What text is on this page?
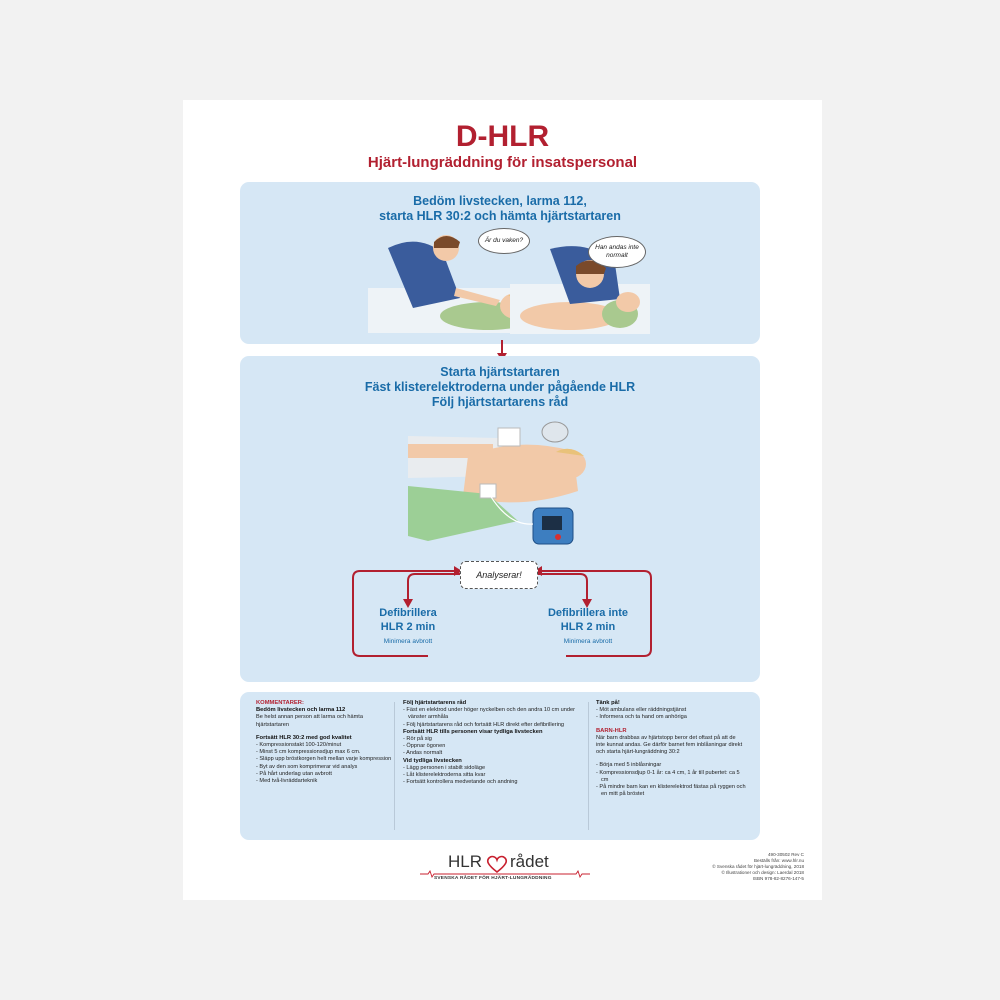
D-HLR
Hjärt-lungräddning för insatspersonal
Bedöm livstecken, larma 112,
starta HLR 30:2 och hämta hjärtstartaren
Är du vaken?
Han andas inte normalt
Starta hjärtstartaren
Fäst klisterelektroderna under pågående HLR
Följ hjärtstartarens råd
Analyserar!
Defibrillera
HLR 2 min
Minimera avbrott
Defibrillera inte
HLR 2 min
Minimera avbrott
KOMMENTARER:
Bedöm livstecken och larma 112
Be helst annan person att larma och hämta hjärtstartaren
Fortsätt HLR 30:2 med god kvalitet
- Kompressionstakt 100-120/minut
- Minst 5 cm kompressionsdjup max 6 cm.
- Släpp upp bröstkorgen helt mellan varje kompression
- Byt av den som komprimerar vid analys
- På hårt underlag utan avbrott
- Med två-livräddarteknik
Följ hjärtstartarens råd
- Fäst en elektrod under höger nyckelben och den andra 10 cm under vänster armhåla
- Följ hjärtstartarens råd och fortsätt HLR direkt efter defibrillering
Fortsätt HLR tills personen visar tydliga livstecken
- Rör på sig
- Öppnar ögonen
- Andas normalt
Vid tydliga livstecken
- Lägg personen i stabilt sidoläge
- Låt klisterelektroderna sitta kvar
- Fortsätt kontrollera medvetande och andning
Tänk på!
- Möt ambulans eller räddningstjänst
- Informera och ta hand om anhöriga
BARN-HLR
När barn drabbas av hjärtstopp beror det oftast på att de inte kunnat andas. Ge därför barnet fem inblåsningar direkt och starta hjärt-lungräddning 30:2
- Börja med 5 inblåsningar
- Kompressionsdjup 0-1 år: ca 4 cm, 1 år till pubertet: ca 5 cm
- På mindre barn kan en klisterelektrod fästas på ryggen och en mitt på bröstet
HLR rådet
SVENSKA RÅDET FÖR HJÄRT-LUNGRÄDDNING
490-30502 Rev C
Beställs från: www.hlr.nu
© Svenska rådet för hjärt-lungräddning, 2018
© Illustrationer och design: Laerdal 2018
ISBN 978-82-8276-147-5
